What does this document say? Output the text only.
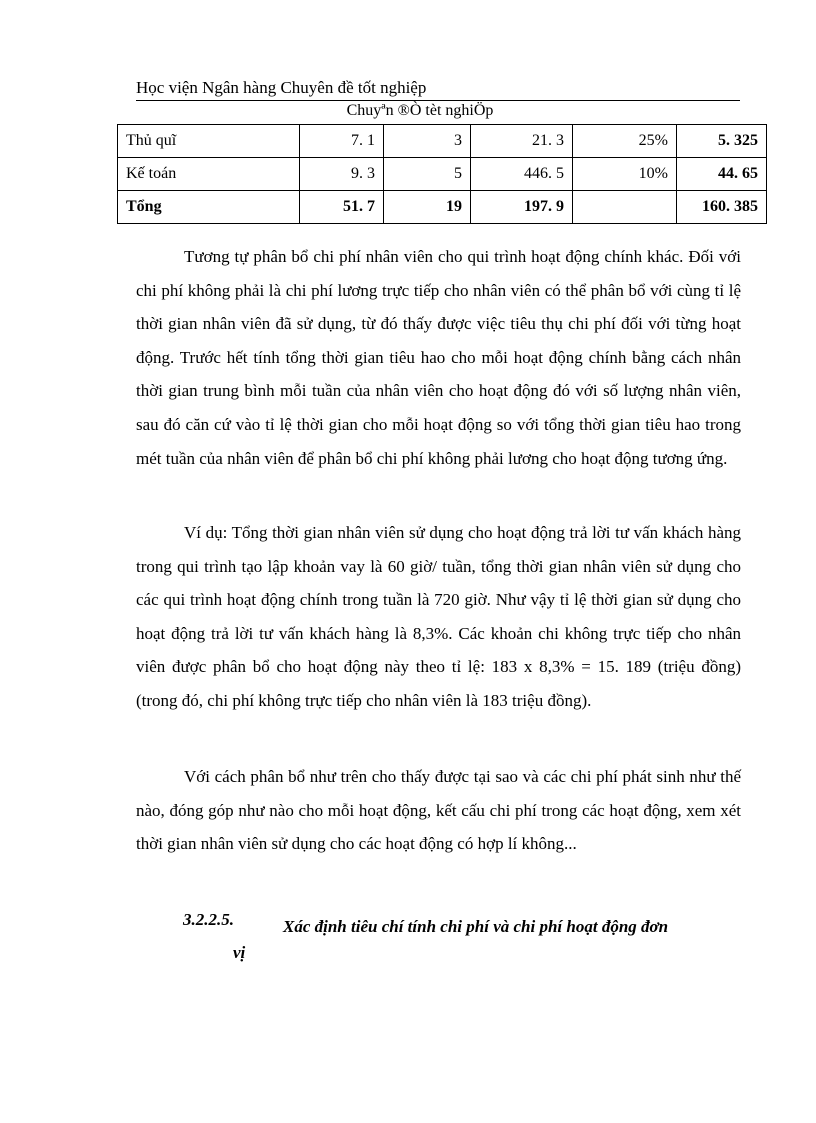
Học viện Ngân hàng Chuyên đề tốt nghiệp
Chuyªn ®Ò tèt nghiÖp
Thủ quĩ	7. 1	3	21. 3	25%	5. 325
Kế toán	9. 3	5	446. 5	10%	44. 65
Tổng	51. 7	19	197. 9		160. 385

Tương tự phân bổ chi phí nhân viên cho qui trình hoạt động chính khác. Đối với chi phí không phải là chi phí lương trực tiếp cho nhân viên có thể phân bổ với cùng tỉ lệ thời gian nhân viên đã sử dụng, từ đó thấy được việc tiêu thụ chi phí đối với từng hoạt động. Trước hết tính tổng thời gian tiêu hao cho mỗi hoạt động chính bằng cách nhân thời gian trung bình mỗi tuần của nhân viên cho hoạt động đó với số lượng nhân viên, sau đó căn cứ vào tỉ lệ thời gian cho mỗi hoạt động so với tổng thời gian tiêu hao trong mét tuần của nhân viên để phân bổ chi phí không phải lương cho hoạt động tương ứng.

Ví dụ: Tổng thời gian nhân viên sử dụng cho hoạt động trả lời tư vấn khách hàng trong qui trình tạo lập khoản vay là 60 giờ/ tuần, tổng thời gian nhân viên sử dụng cho các qui trình hoạt động chính trong tuần là 720 giờ. Như vậy tỉ lệ thời gian sử dụng cho hoạt động trả lời tư vấn khách hàng là 8,3%. Các khoản chi không trực tiếp cho nhân viên được phân bổ cho hoạt động này theo tỉ lệ: 183 x 8,3% = 15. 189 (triệu đồng) (trong đó, chi phí không trực tiếp cho nhân viên là 183 triệu đồng).

Với cách phân bổ như trên cho thấy được tại sao và các chi phí phát sinh như thế nào, đóng góp như nào cho mỗi hoạt động, kết cấu chi phí trong các hoạt động, xem xét thời gian nhân viên sử dụng cho các hoạt động có hợp lí không...

3.2.2.5.	Xác định tiêu chí tính chi phí và chi phí hoạt động đơn
vị
